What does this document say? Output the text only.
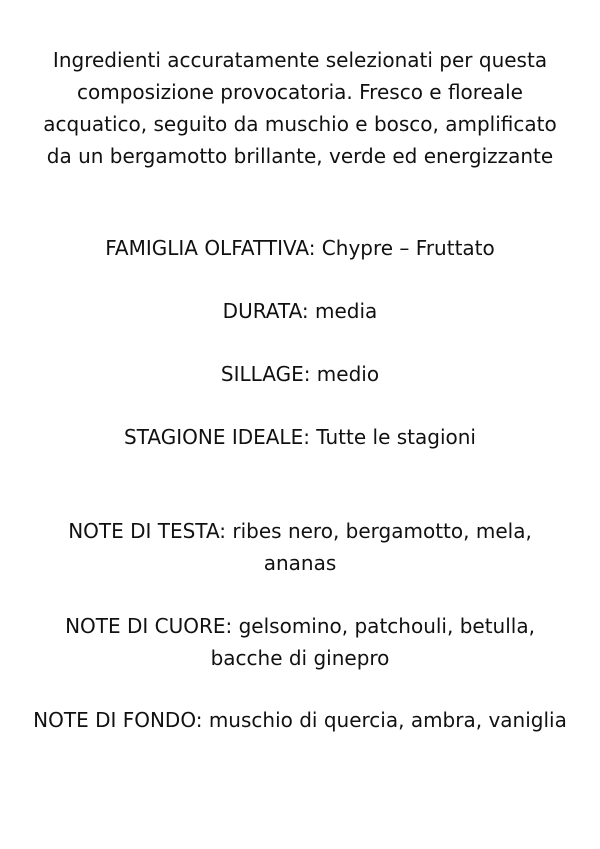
Ingredienti accuratamente selezionati per questa composizione provocatoria. Fresco e floreale acquatico, seguito da muschio e bosco, amplificato da un bergamotto brillante, verde ed energizzante

FAMIGLIA OLFATTIVA: Chypre – Fruttato

DURATA: media

SILLAGE: medio

STAGIONE IDEALE: Tutte le stagioni

NOTE DI TESTA: ribes nero, bergamotto, mela, ananas

NOTE DI CUORE: gelsomino, patchouli, betulla, bacche di ginepro

NOTE DI FONDO: muschio di quercia, ambra, vaniglia
